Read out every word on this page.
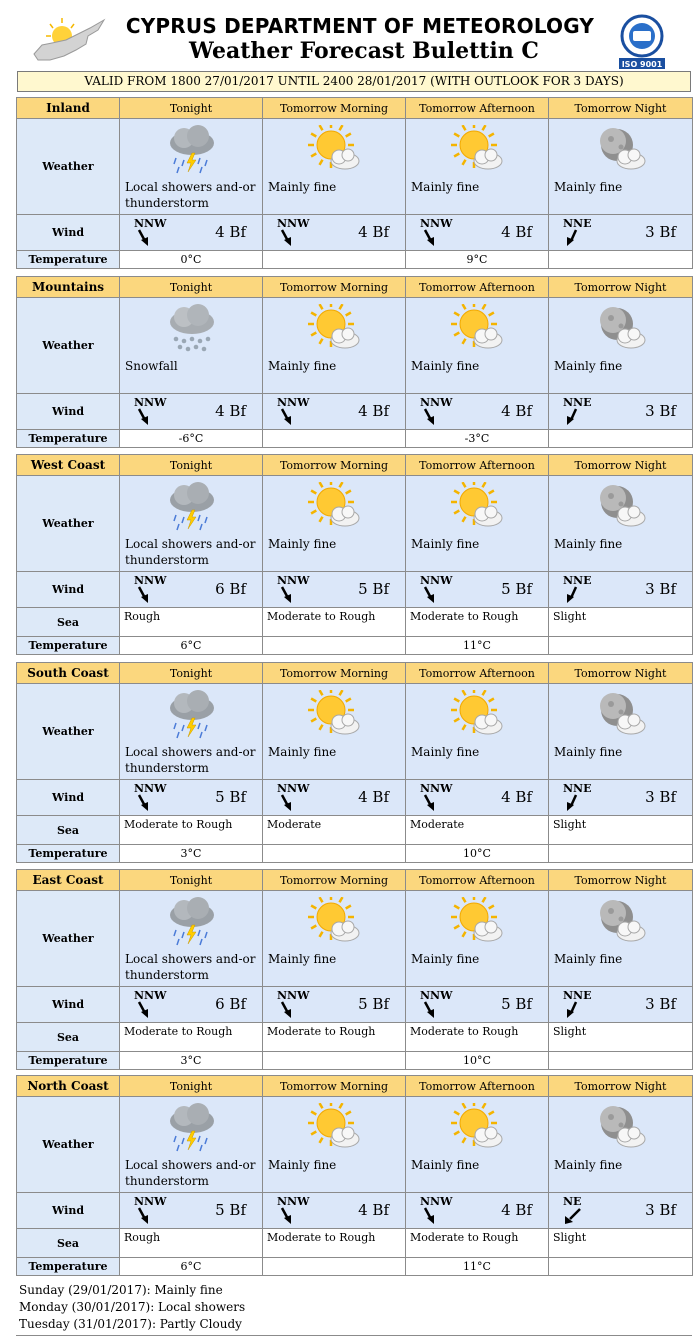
CYPRUS DEPARTMENT OF METEOROLOGY
Weather Forecast Bulettin C
ISO 9001
VALID FROM 1800 27/01/2017 UNTIL 2400 28/01/2017 (WITH OUTLOOK FOR 3 DAYS)
Inland	Tonight	Tomorrow Morning	Tomorrow Afternoon	Tomorrow Night
Weather	Local showers and-or thunderstorm	Mainly fine	Mainly fine	Mainly fine

Wind	NNW 4 Bf	NNW 4 Bf	NNW 4 Bf	NNE 3 Bf

Temperature	0°C		9°C	
Mountains	Tonight	Tomorrow Morning	Tomorrow Afternoon	Tomorrow Night
Weather	Snowfall	Mainly fine	Mainly fine	Mainly fine

Wind	NNW 4 Bf	NNW 4 Bf	NNW 4 Bf	NNE 3 Bf

Temperature	-6°C		-3°C	
West Coast	Tonight	Tomorrow Morning	Tomorrow Afternoon	Tomorrow Night
Weather	Local showers and-or thunderstorm	Mainly fine	Mainly fine	Mainly fine

Wind	NNW 6 Bf	NNW 5 Bf	NNW 5 Bf	NNE 3 Bf

Sea	Rough	Moderate to Rough	Moderate to Rough	Slight
Temperature	6°C		11°C	
South Coast	Tonight	Tomorrow Morning	Tomorrow Afternoon	Tomorrow Night
Weather	Local showers and-or thunderstorm	Mainly fine	Mainly fine	Mainly fine

Wind	NNW 5 Bf	NNW 4 Bf	NNW 4 Bf	NNE 3 Bf

Sea	Moderate to Rough	Moderate	Moderate	Slight
Temperature	3°C		10°C	
East Coast	Tonight	Tomorrow Morning	Tomorrow Afternoon	Tomorrow Night
Weather	Local showers and-or thunderstorm	Mainly fine	Mainly fine	Mainly fine

Wind	NNW 6 Bf	NNW 5 Bf	NNW 5 Bf	NNE 3 Bf

Sea	Moderate to Rough	Moderate to Rough	Moderate to Rough	Slight
Temperature	3°C		10°C	
North Coast	Tonight	Tomorrow Morning	Tomorrow Afternoon	Tomorrow Night
Weather	Local showers and-or thunderstorm	Mainly fine	Mainly fine	Mainly fine

Wind	NNW 5 Bf	NNW 4 Bf	NNW 4 Bf	NE 3 Bf

Sea	Rough	Moderate to Rough	Moderate to Rough	Slight
Temperature	6°C		11°C	
Sunday (29/01/2017): Mainly fine
Monday (30/01/2017): Local showers
Tuesday (31/01/2017): Partly Cloudy
